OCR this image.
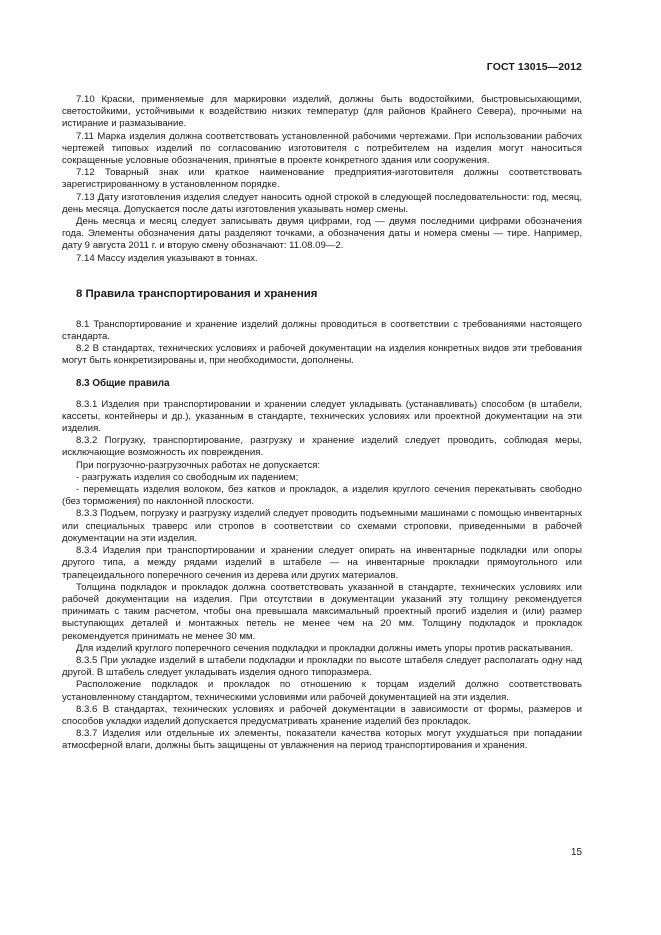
ГОСТ 13015—2012

7.10 Краски, применяемые для маркировки изделий, должны быть водостойкими, быстровысыхающими, светостойкими, устойчивыми к воздействию низких температур (для районов Крайнего Севера), прочными на истирание и размазывание.

7.11 Марка изделия должна соответствовать установленной рабочими чертежами. При использовании рабочих чертежей типовых изделий по согласованию изготовителя с потребителем на изделия могут наноситься сокращенные условные обозначения, принятые в проекте конкретного здания или сооружения.

7.12 Товарный знак или краткое наименование предприятия-изготовителя должны соответствовать зарегистрированному в установленном порядке.

7.13 Дату изготовления изделия следует наносить одной строкой в следующей последовательности: год, месяц, день месяца. Допускается после даты изготовления указывать номер смены.

День месяца и месяц следует записывать двумя цифрами, год — двумя последними цифрами обозначения года. Элементы обозначения даты разделяют точками, а обозначения даты и номера смены — тире. Например, дату 9 августа 2011 г. и вторую смену обозначают: 11.08.09—2.

7.14 Массу изделия указывают в тоннах.

8 Правила транспортирования и хранения

8.1 Транспортирование и хранение изделий должны проводиться в соответствии с требованиями настоящего стандарта.

8.2 В стандартах, технических условиях и рабочей документации на изделия конкретных видов эти требования могут быть конкретизированы и, при необходимости, дополнены.

8.3 Общие правила

8.3.1 Изделия при транспортировании и хранении следует укладывать (устанавливать) способом (в штабели, кассеты, контейнеры и др.), указанным в стандарте, технических условиях или проектной документации на эти изделия.

8.3.2 Погрузку, транспортирование, разгрузку и хранение изделий следует проводить, соблюдая меры, исключающие возможность их повреждения.

При погрузочно-разгрузочных работах не допускается:

- разгружать изделия со свободным их падением;

- перемещать изделия волоком, без катков и прокладок, а изделия круглого сечения перекатывать свободно (без торможения) по наклонной плоскости.

8.3.3 Подъем, погрузку и разгрузку изделий следует проводить подъемными машинами с помощью инвентарных или специальных траверс или стропов в соответствии со схемами строповки, приведенными в рабочей документации на эти изделия.

8.3.4 Изделия при транспортировании и хранении следует опирать на инвентарные подкладки или опоры другого типа, а между рядами изделий в штабеле — на инвентарные прокладки прямоугольного или трапецеидального поперечного сечения из дерева или других материалов.

Толщина подкладок и прокладок должна соответствовать указанной в стандарте, технических условиях или рабочей документации на изделия. При отсутствии в документации указаний эту толщину рекомендуется принимать с таким расчетом, чтобы она превышала максимальный проектный прогиб изделия и (или) размер выступающих деталей и монтажных петель не менее чем на 20 мм. Толщину подкладок и прокладок рекомендуется принимать не менее 30 мм.

Для изделий круглого поперечного сечения подкладки и прокладки должны иметь упоры против раскатывания.

8.3.5 При укладке изделий в штабели подкладки и прокладки по высоте штабеля следует располагать одну над другой. В штабель следует укладывать изделия одного типоразмера.

Расположение подкладок и прокладок по отношению к торцам изделий должно соответствовать установленному стандартом, техническими условиями или рабочей документацией на эти изделия.

8.3.6 В стандартах, технических условиях и рабочей документации в зависимости от формы, размеров и способов укладки изделий допускается предусматривать хранение изделий без прокладок.

8.3.7 Изделия или отдельные их элементы, показатели качества которых могут ухудшаться при попадании атмосферной влаги, должны быть защищены от увлажнения на период транспортирования и хранения.

15
